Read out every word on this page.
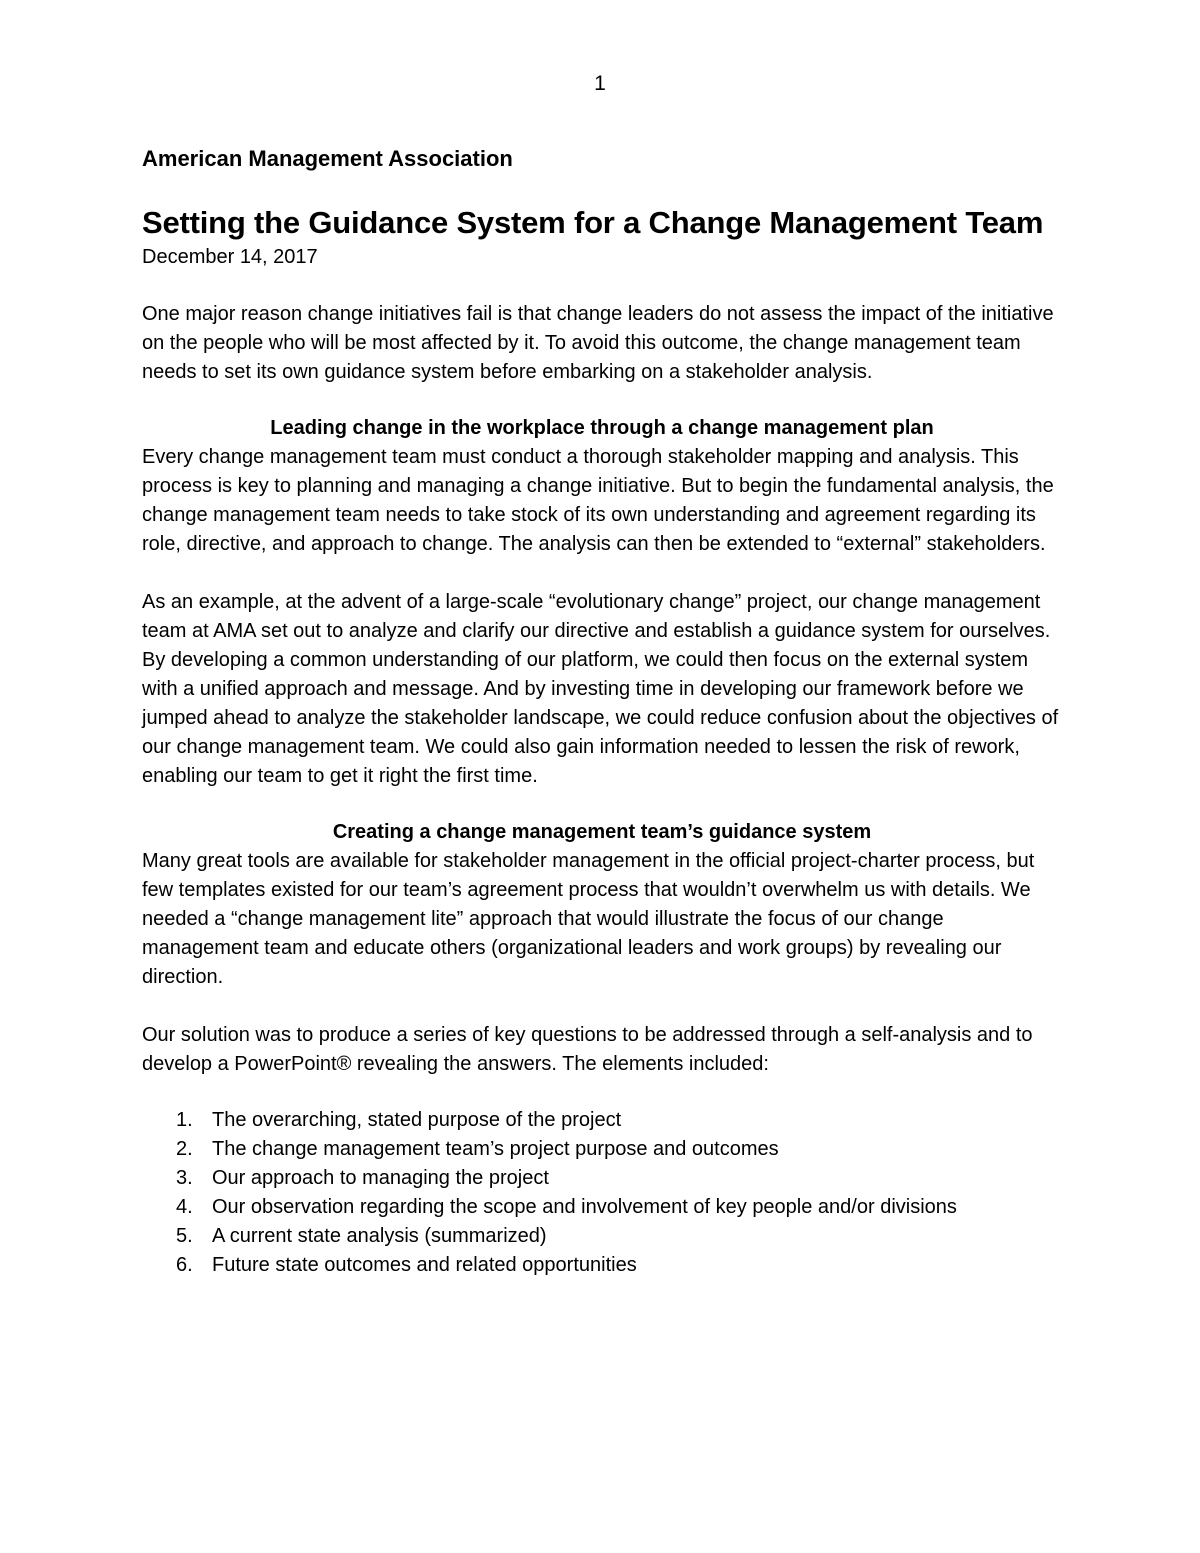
1

American Management Association

Setting the Guidance System for a Change Management Team

December 14, 2017

One major reason change initiatives fail is that change leaders do not assess the impact of the initiative on the people who will be most affected by it. To avoid this outcome, the change management team needs to set its own guidance system before embarking on a stakeholder analysis.

Leading change in the workplace through a change management plan

Every change management team must conduct a thorough stakeholder mapping and analysis. This process is key to planning and managing a change initiative. But to begin the fundamental analysis, the change management team needs to take stock of its own understanding and agreement regarding its role, directive, and approach to change. The analysis can then be extended to “external” stakeholders.

As an example, at the advent of a large-scale “evolutionary change” project, our change management team at AMA set out to analyze and clarify our directive and establish a guidance system for ourselves. By developing a common understanding of our platform, we could then focus on the external system with a unified approach and message. And by investing time in developing our framework before we jumped ahead to analyze the stakeholder landscape, we could reduce confusion about the objectives of our change management team. We could also gain information needed to lessen the risk of rework, enabling our team to get it right the first time.

Creating a change management team’s guidance system

Many great tools are available for stakeholder management in the official project-charter process, but few templates existed for our team’s agreement process that wouldn’t overwhelm us with details. We needed a “change management lite” approach that would illustrate the focus of our change management team and educate others (organizational leaders and work groups) by revealing our direction.

Our solution was to produce a series of key questions to be addressed through a self-analysis and to develop a PowerPoint® revealing the answers. The elements included:

1. The overarching, stated purpose of the project
2. The change management team’s project purpose and outcomes
3. Our approach to managing the project
4. Our observation regarding the scope and involvement of key people and/or divisions
5. A current state analysis (summarized)
6. Future state outcomes and related opportunities
